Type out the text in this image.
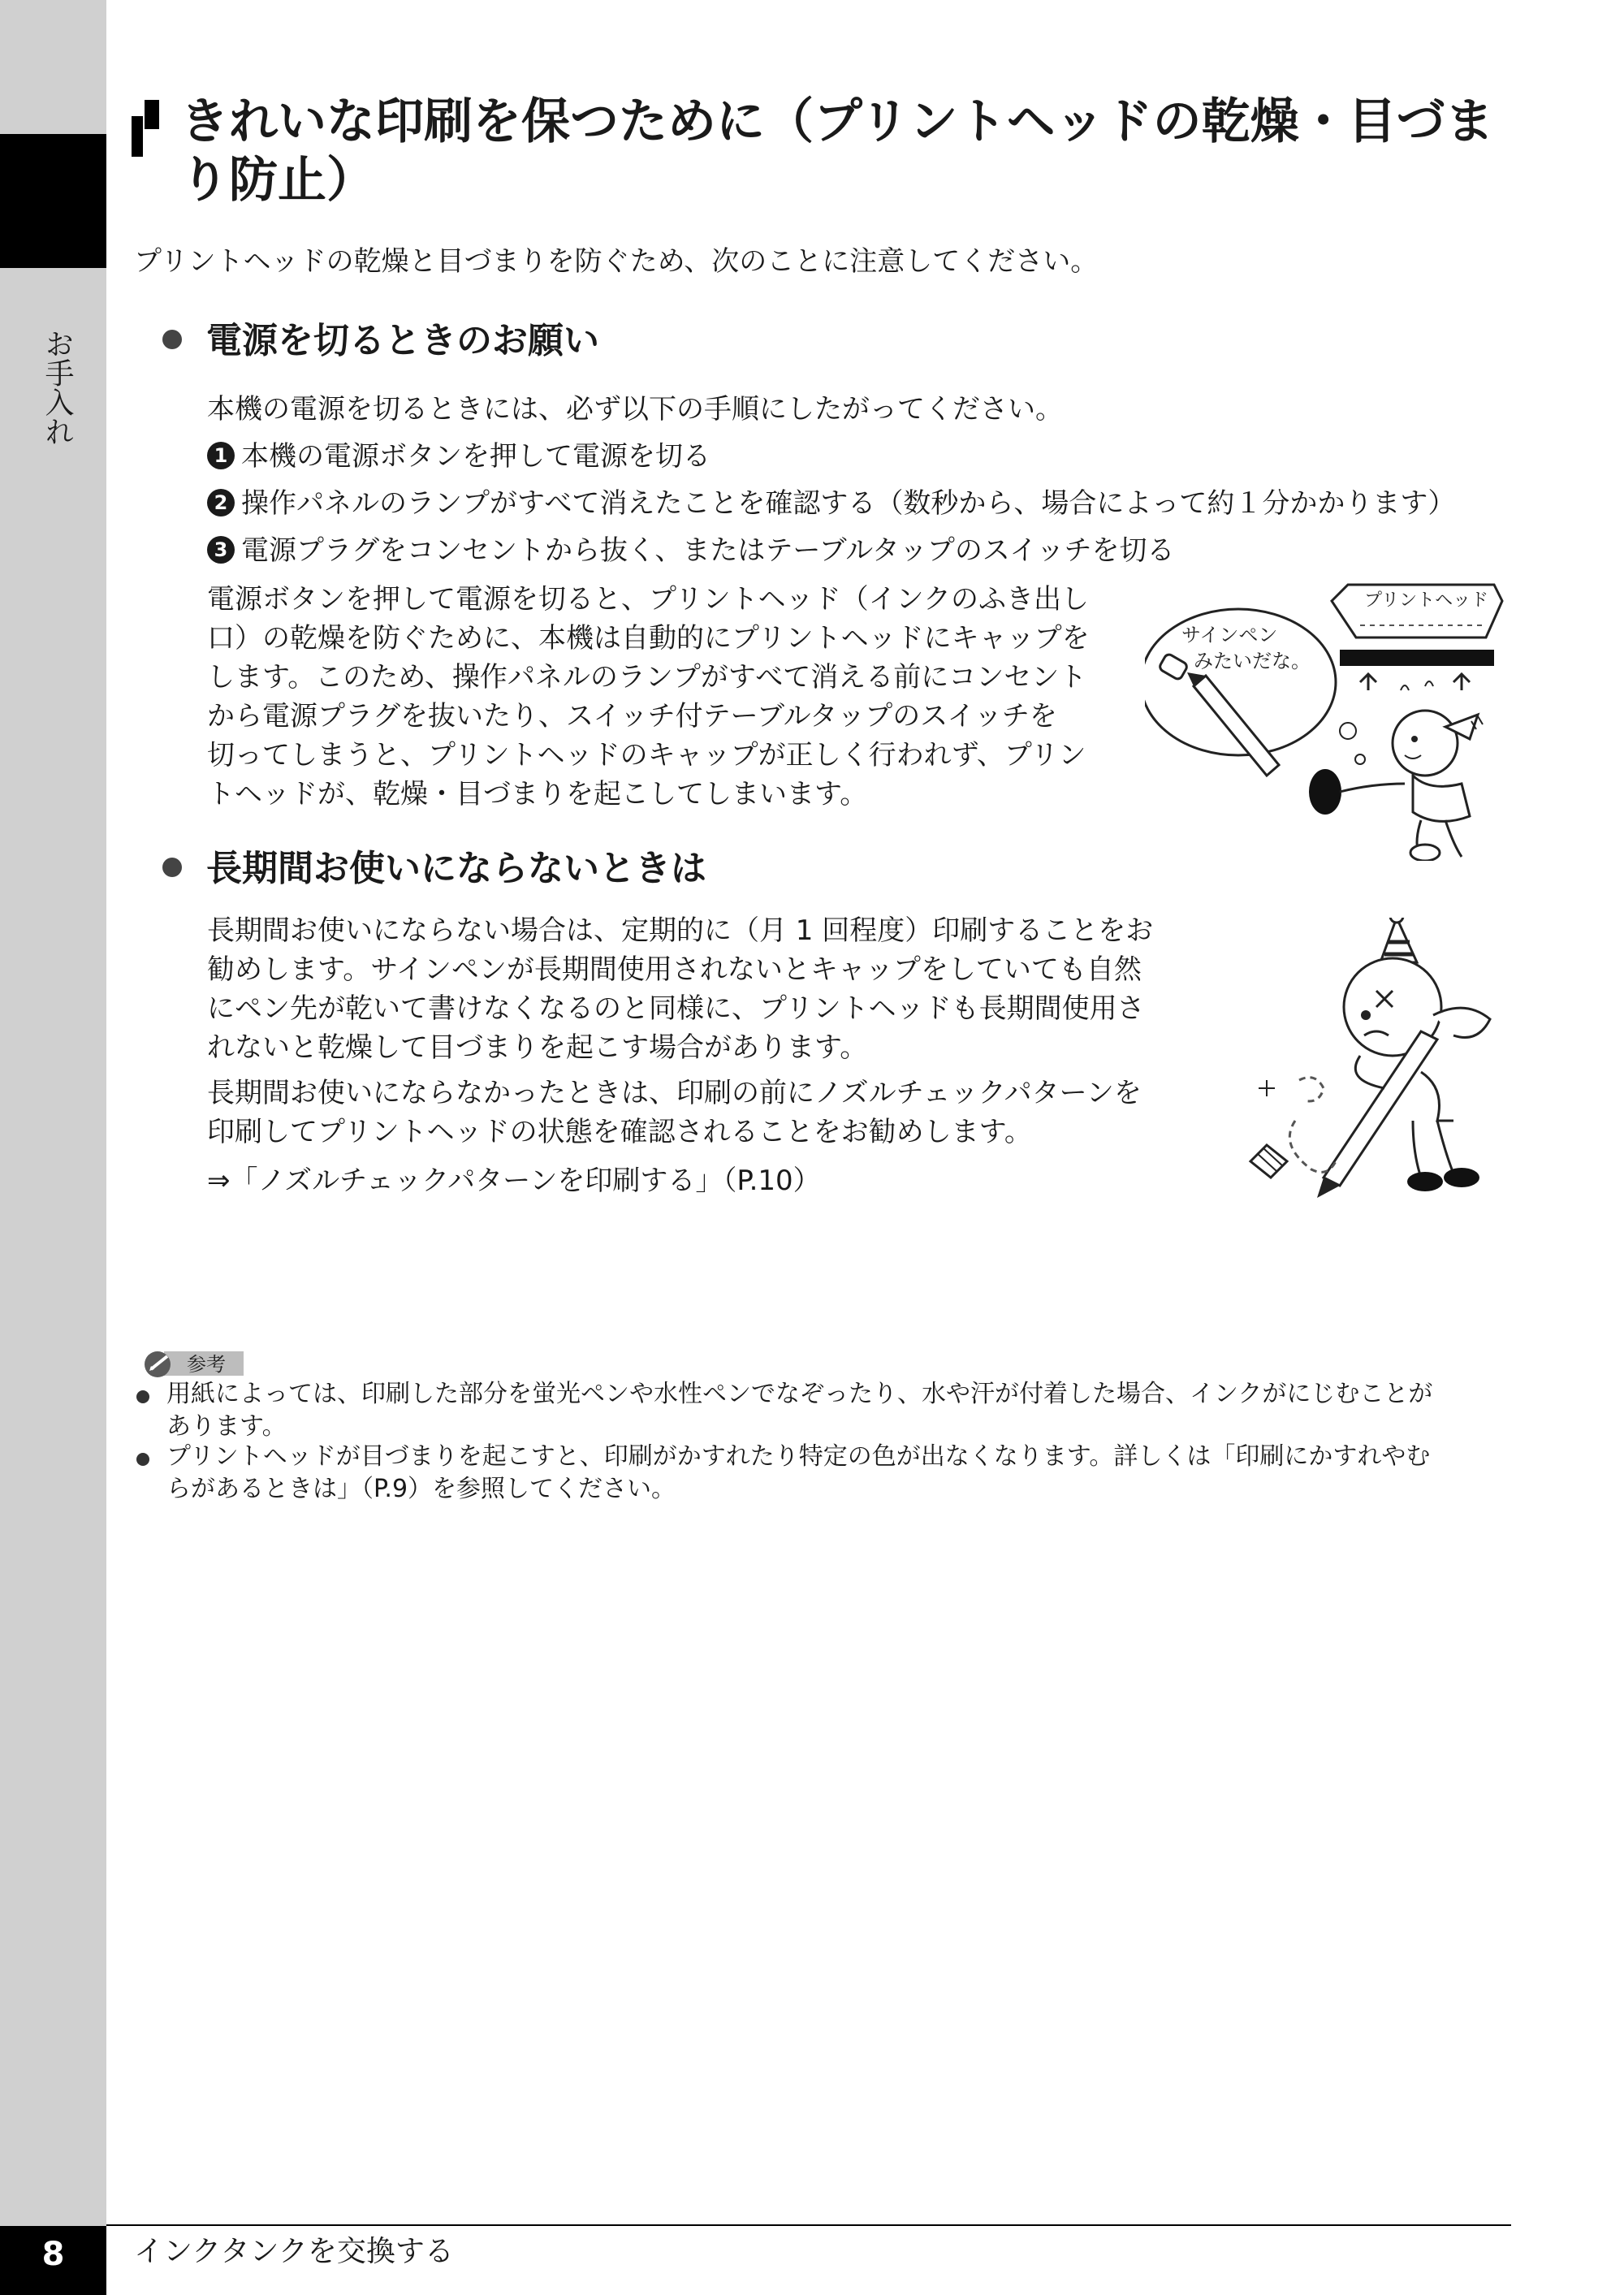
お手入れ
きれいな印刷を保つために（プリントヘッドの乾燥・目づまり防止）
プリントヘッドの乾燥と目づまりを防ぐため、次のことに注意してください。
電源を切るときのお願い
本機の電源を切るときには、必ず以下の手順にしたがってください。
1 本機の電源ボタンを押して電源を切る
2 操作パネルのランプがすべて消えたことを確認する（数秒から、場合によって約１分かかります）
3 電源プラグをコンセントから抜く、またはテーブルタップのスイッチを切る
電源ボタンを押して電源を切ると、プリントヘッド（インクのふき出し
口）の乾燥を防ぐために、本機は自動的にプリントヘッドにキャップを
します。このため、操作パネルのランプがすべて消える前にコンセント
から電源プラグを抜いたり、スイッチ付テーブルタップのスイッチを
切ってしまうと、プリントヘッドのキャップが正しく行われず、プリン
トヘッドが、乾燥・目づまりを起こしてしまいます。
プリントヘッド
サインペン
みたいだな。
長期間お使いにならないときは
長期間お使いにならない場合は、定期的に（月 1 回程度）印刷することをお
勧めします。サインペンが長期間使用されないとキャップをしていても自然
にペン先が乾いて書けなくなるのと同様に、プリントヘッドも長期間使用さ
れないと乾燥して目づまりを起こす場合があります。
長期間お使いにならなかったときは、印刷の前にノズルチェックパターンを
印刷してプリントヘッドの状態を確認されることをお勧めします。
⇒「ノズルチェックパターンを印刷する」（P.10）
参考
用紙によっては、印刷した部分を蛍光ペンや水性ペンでなぞったり、水や汗が付着した場合、インクがにじむことが
あります。
プリントヘッドが目づまりを起こすと、印刷がかすれたり特定の色が出なくなります。詳しくは「印刷にかすれやむ
らがあるときは」（P.9）を参照してください。
8	インクタンクを交換する
